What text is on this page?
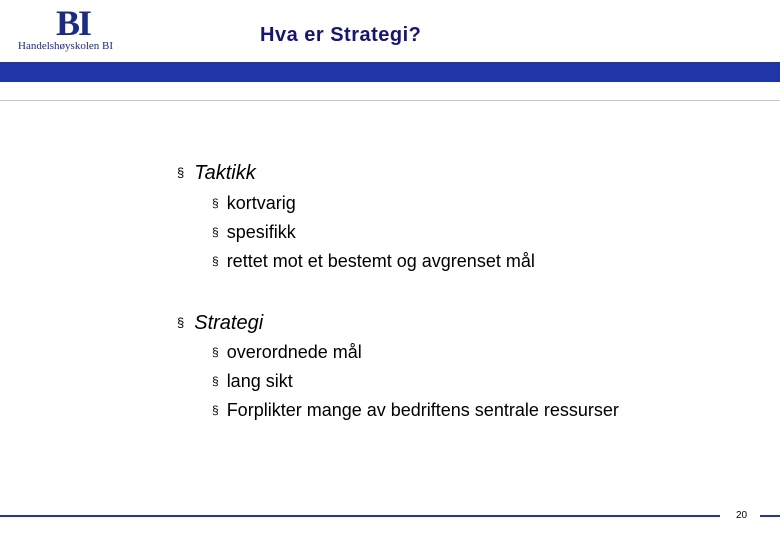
BI
Handelshøyskolen BI	Hva er Strategi?
§ Taktikk
§ kortvarig
§ spesifikk
§ rettet mot et bestemt og avgrenset mål
§ Strategi
§ overordnede mål
§ lang sikt
§ Forplikter mange av bedriftens sentrale ressurser
20
